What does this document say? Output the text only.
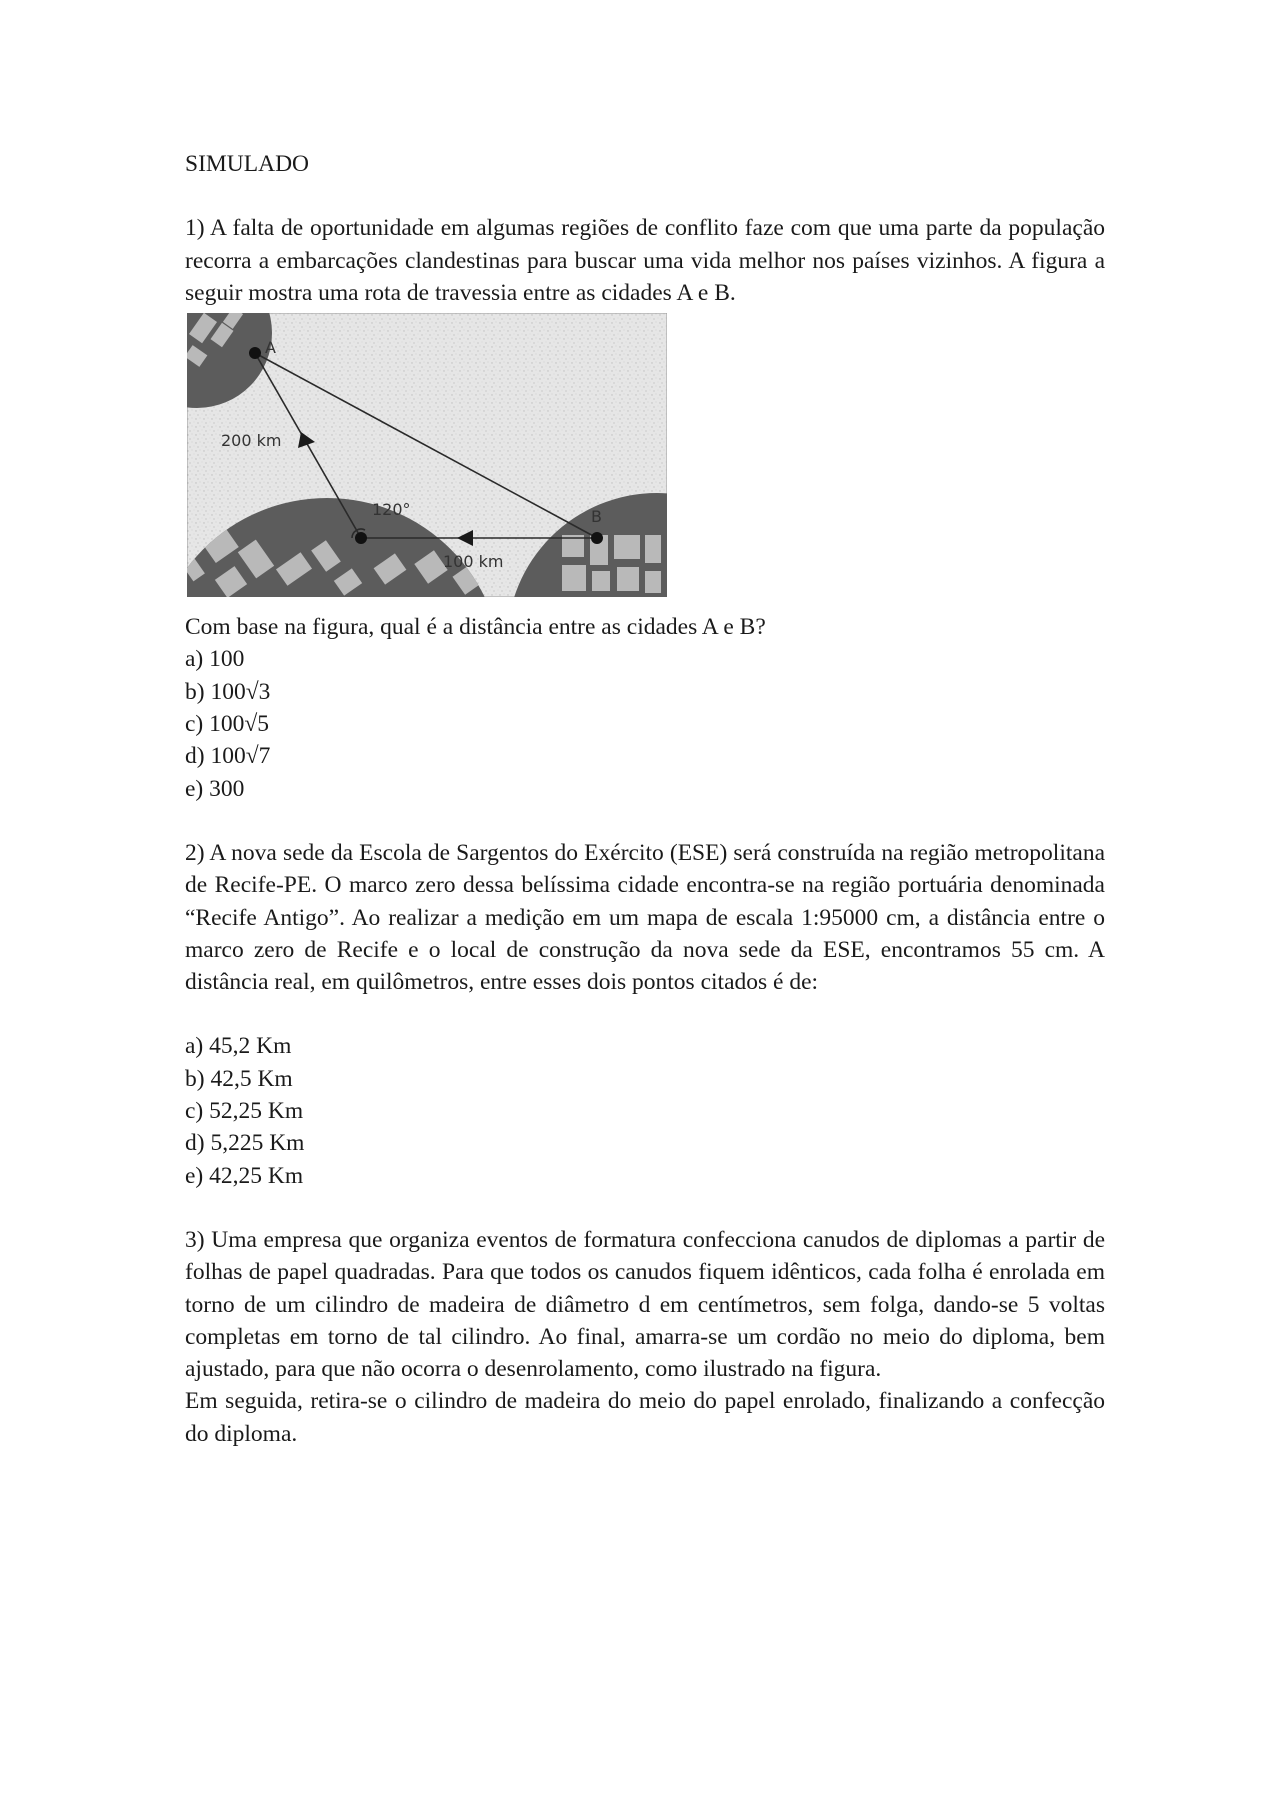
SIMULADO

1) A falta de oportunidade em algumas regiões de conflito faze com que uma parte da população recorra a embarcações clandestinas para buscar uma vida melhor nos países vizinhos. A figura a seguir mostra uma rota de travessia entre as cidades A e B.

A
B
200 km
120°
100 km

Com base na figura, qual é a distância entre as cidades A e B?

a) 100
b) 100√3
c) 100√5
d) 100√7
e) 300

2) A nova sede da Escola de Sargentos do Exército (ESE) será construída na região metropolitana de Recife-PE. O marco zero dessa belíssima cidade encontra-se na região portuária denominada “Recife Antigo”. Ao realizar a medição em um mapa de escala 1:95000 cm, a distância entre o marco zero de Recife e o local de construção da nova sede da ESE, encontramos 55 cm. A distância real, em quilômetros, entre esses dois pontos citados é de:

a) 45,2 Km
b) 42,5 Km
c) 52,25 Km
d) 5,225 Km
e) 42,25 Km

3) Uma empresa que organiza eventos de formatura confecciona canudos de diplomas a partir de folhas de papel quadradas. Para que todos os canudos fiquem idênticos, cada folha é enrolada em torno de um cilindro de madeira de diâmetro d em centímetros, sem folga, dando-se 5 voltas completas em torno de tal cilindro. Ao final, amarra-se um cordão no meio do diploma, bem ajustado, para que não ocorra o desenrolamento, como ilustrado na figura.

Em seguida, retira-se o cilindro de madeira do meio do papel enrolado, finalizando a confecção do diploma.
